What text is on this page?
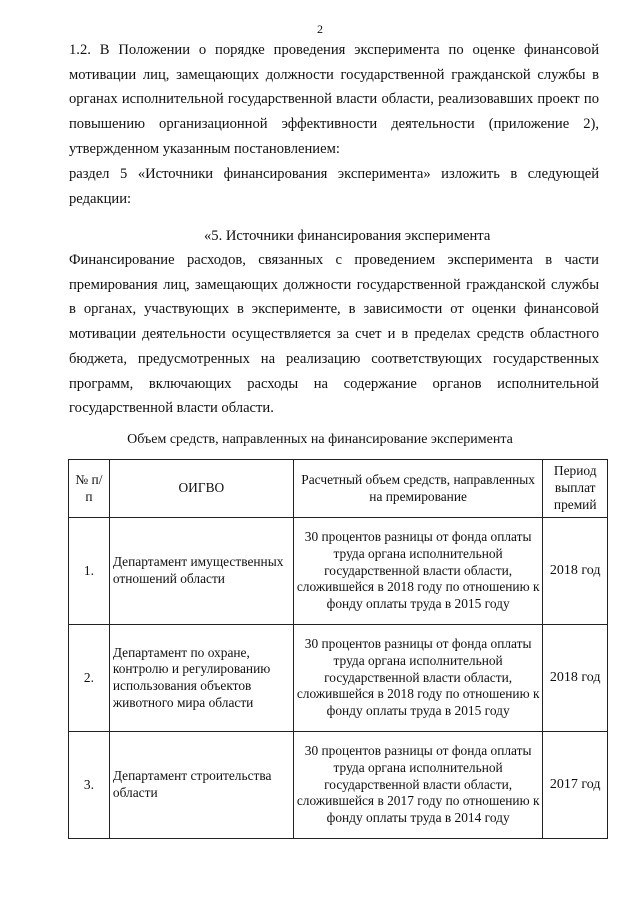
2

1.2. В Положении о порядке проведения эксперимента по оценке финансовой мотивации лиц, замещающих должности государственной гражданской службы в органах исполнительной государственной власти области, реализовавших проект по повышению организационной эффективности деятельности (приложение 2), утвержденном указанным постановлением:

раздел 5 «Источники финансирования эксперимента» изложить в следующей редакции:

«5. Источники финансирования эксперимента

Финансирование расходов, связанных с проведением эксперимента в части премирования лиц, замещающих должности государственной гражданской службы в органах, участвующих в эксперименте, в зависимости от оценки финансовой мотивации деятельности осуществляется за счет и в пределах средств областного бюджета, предусмотренных на реализацию соответствующих государственных программ, включающих расходы на содержание органов исполнительной государственной власти области.

Объем средств, направленных на финансирование эксперимента
№ п/п	ОИГВО	Расчетный объем средств, направленных на премирование	Период выплат премий
1.	Департамент имущественных отношений области	30 процентов разницы от фонда оплаты труда органа исполнительной государственной власти области, сложившейся в 2018 году по отношению к фонду оплаты труда в 2015 году	2018 год
2.	Департамент по охране, контролю и регулированию использования объектов животного мира области	30 процентов разницы от фонда оплаты труда органа исполнительной государственной власти области, сложившейся в 2018 году по отношению к фонду оплаты труда в 2015 году	2018 год
3.	Департамент строительства области	30 процентов разницы от фонда оплаты труда органа исполнительной государственной власти области, сложившейся в 2017 году по отношению к фонду оплаты труда в 2014 году	2017 год
